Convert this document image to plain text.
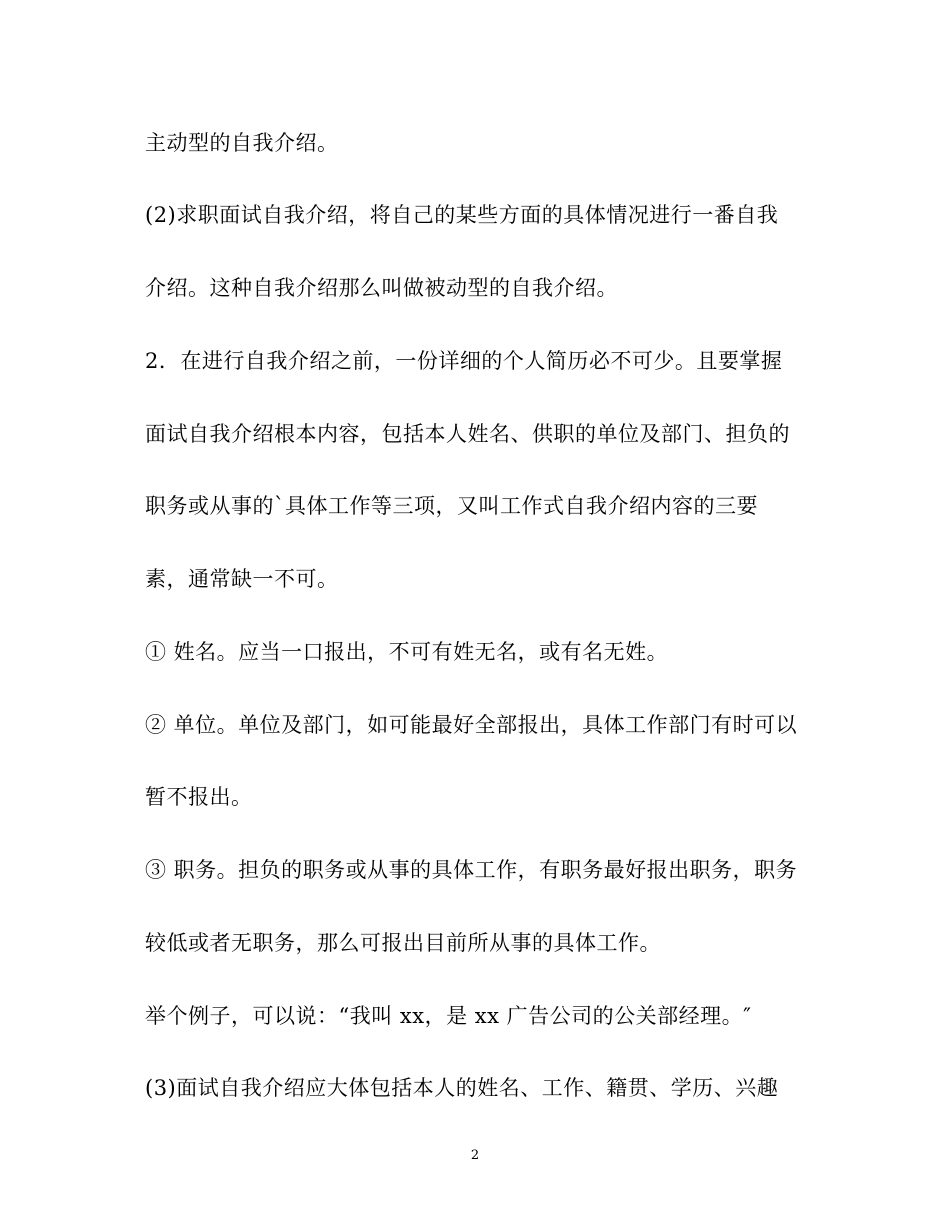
主动型的自我介绍。

(2)求职面试自我介绍，将自己的某些方面的具体情况进行一番自我

介绍。这种自我介绍那么叫做被动型的自我介绍。

2．在进行自我介绍之前，一份详细的个人简历必不可少。且要掌握

面试自我介绍根本内容，包括本人姓名、供职的单位及部门、担负的

职务或从事的`具体工作等三项，又叫工作式自我介绍内容的三要

素，通常缺一不可。

① 姓名。应当一口报出，不可有姓无名，或有名无姓。

② 单位。单位及部门，如可能最好全部报出，具体工作部门有时可以

暂不报出。

③ 职务。担负的职务或从事的具体工作，有职务最好报出职务，职务

较低或者无职务，那么可报出目前所从事的具体工作。

举个例子，可以说：“我叫 xx，是 xx 广告公司的公关部经理。″

(3)面试自我介绍应大体包括本人的姓名、工作、籍贯、学历、兴趣

2
